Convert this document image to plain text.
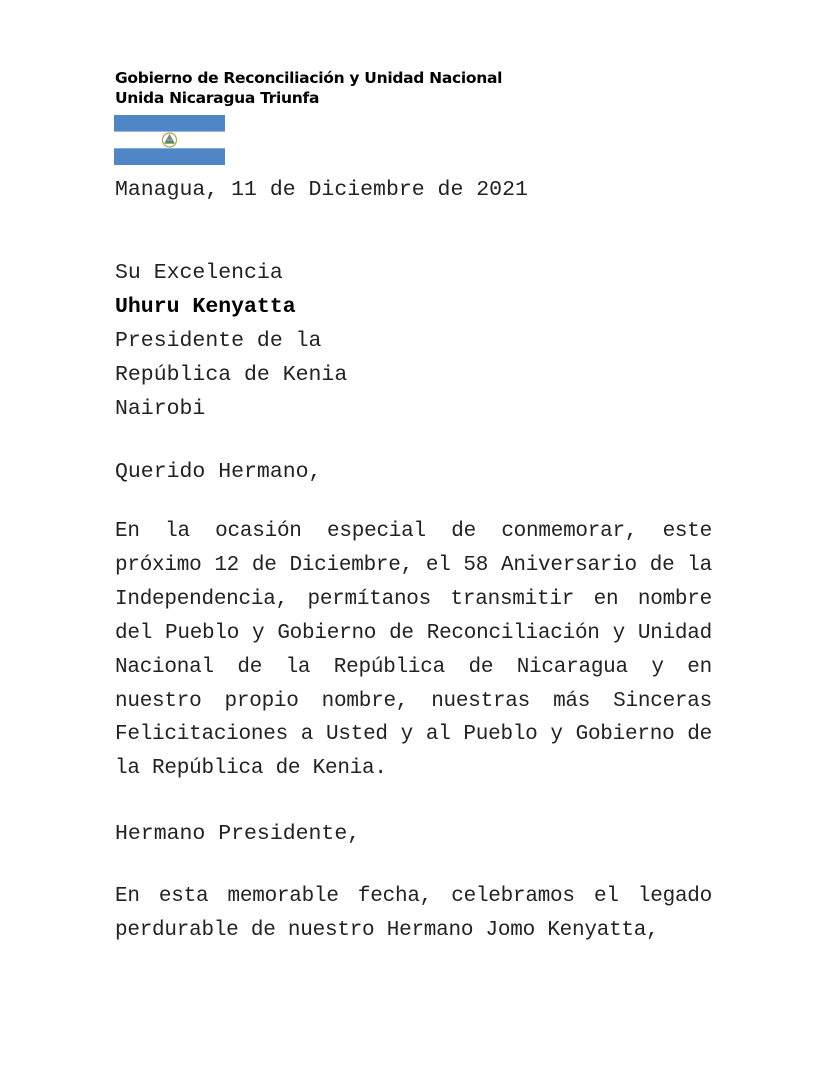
Gobierno de Reconciliación y Unidad Nacional
Unida Nicaragua Triunfa
Managua, 11 de Diciembre de 2021
Su Excelencia
Uhuru Kenyatta
Presidente de la
República de Kenia
Nairobi
Querido Hermano,
En la ocasión especial de conmemorar, este próximo 12 de Diciembre, el 58 Aniversario de la Independencia, permítanos transmitir en nombre del Pueblo y Gobierno de Reconciliación y Unidad Nacional de la República de Nicaragua y en nuestro propio nombre, nuestras más Sinceras Felicitaciones a Usted y al Pueblo y Gobierno de la República de Kenia.
Hermano Presidente,
En esta memorable fecha, celebramos el legado perdurable de nuestro Hermano Jomo Kenyatta,
